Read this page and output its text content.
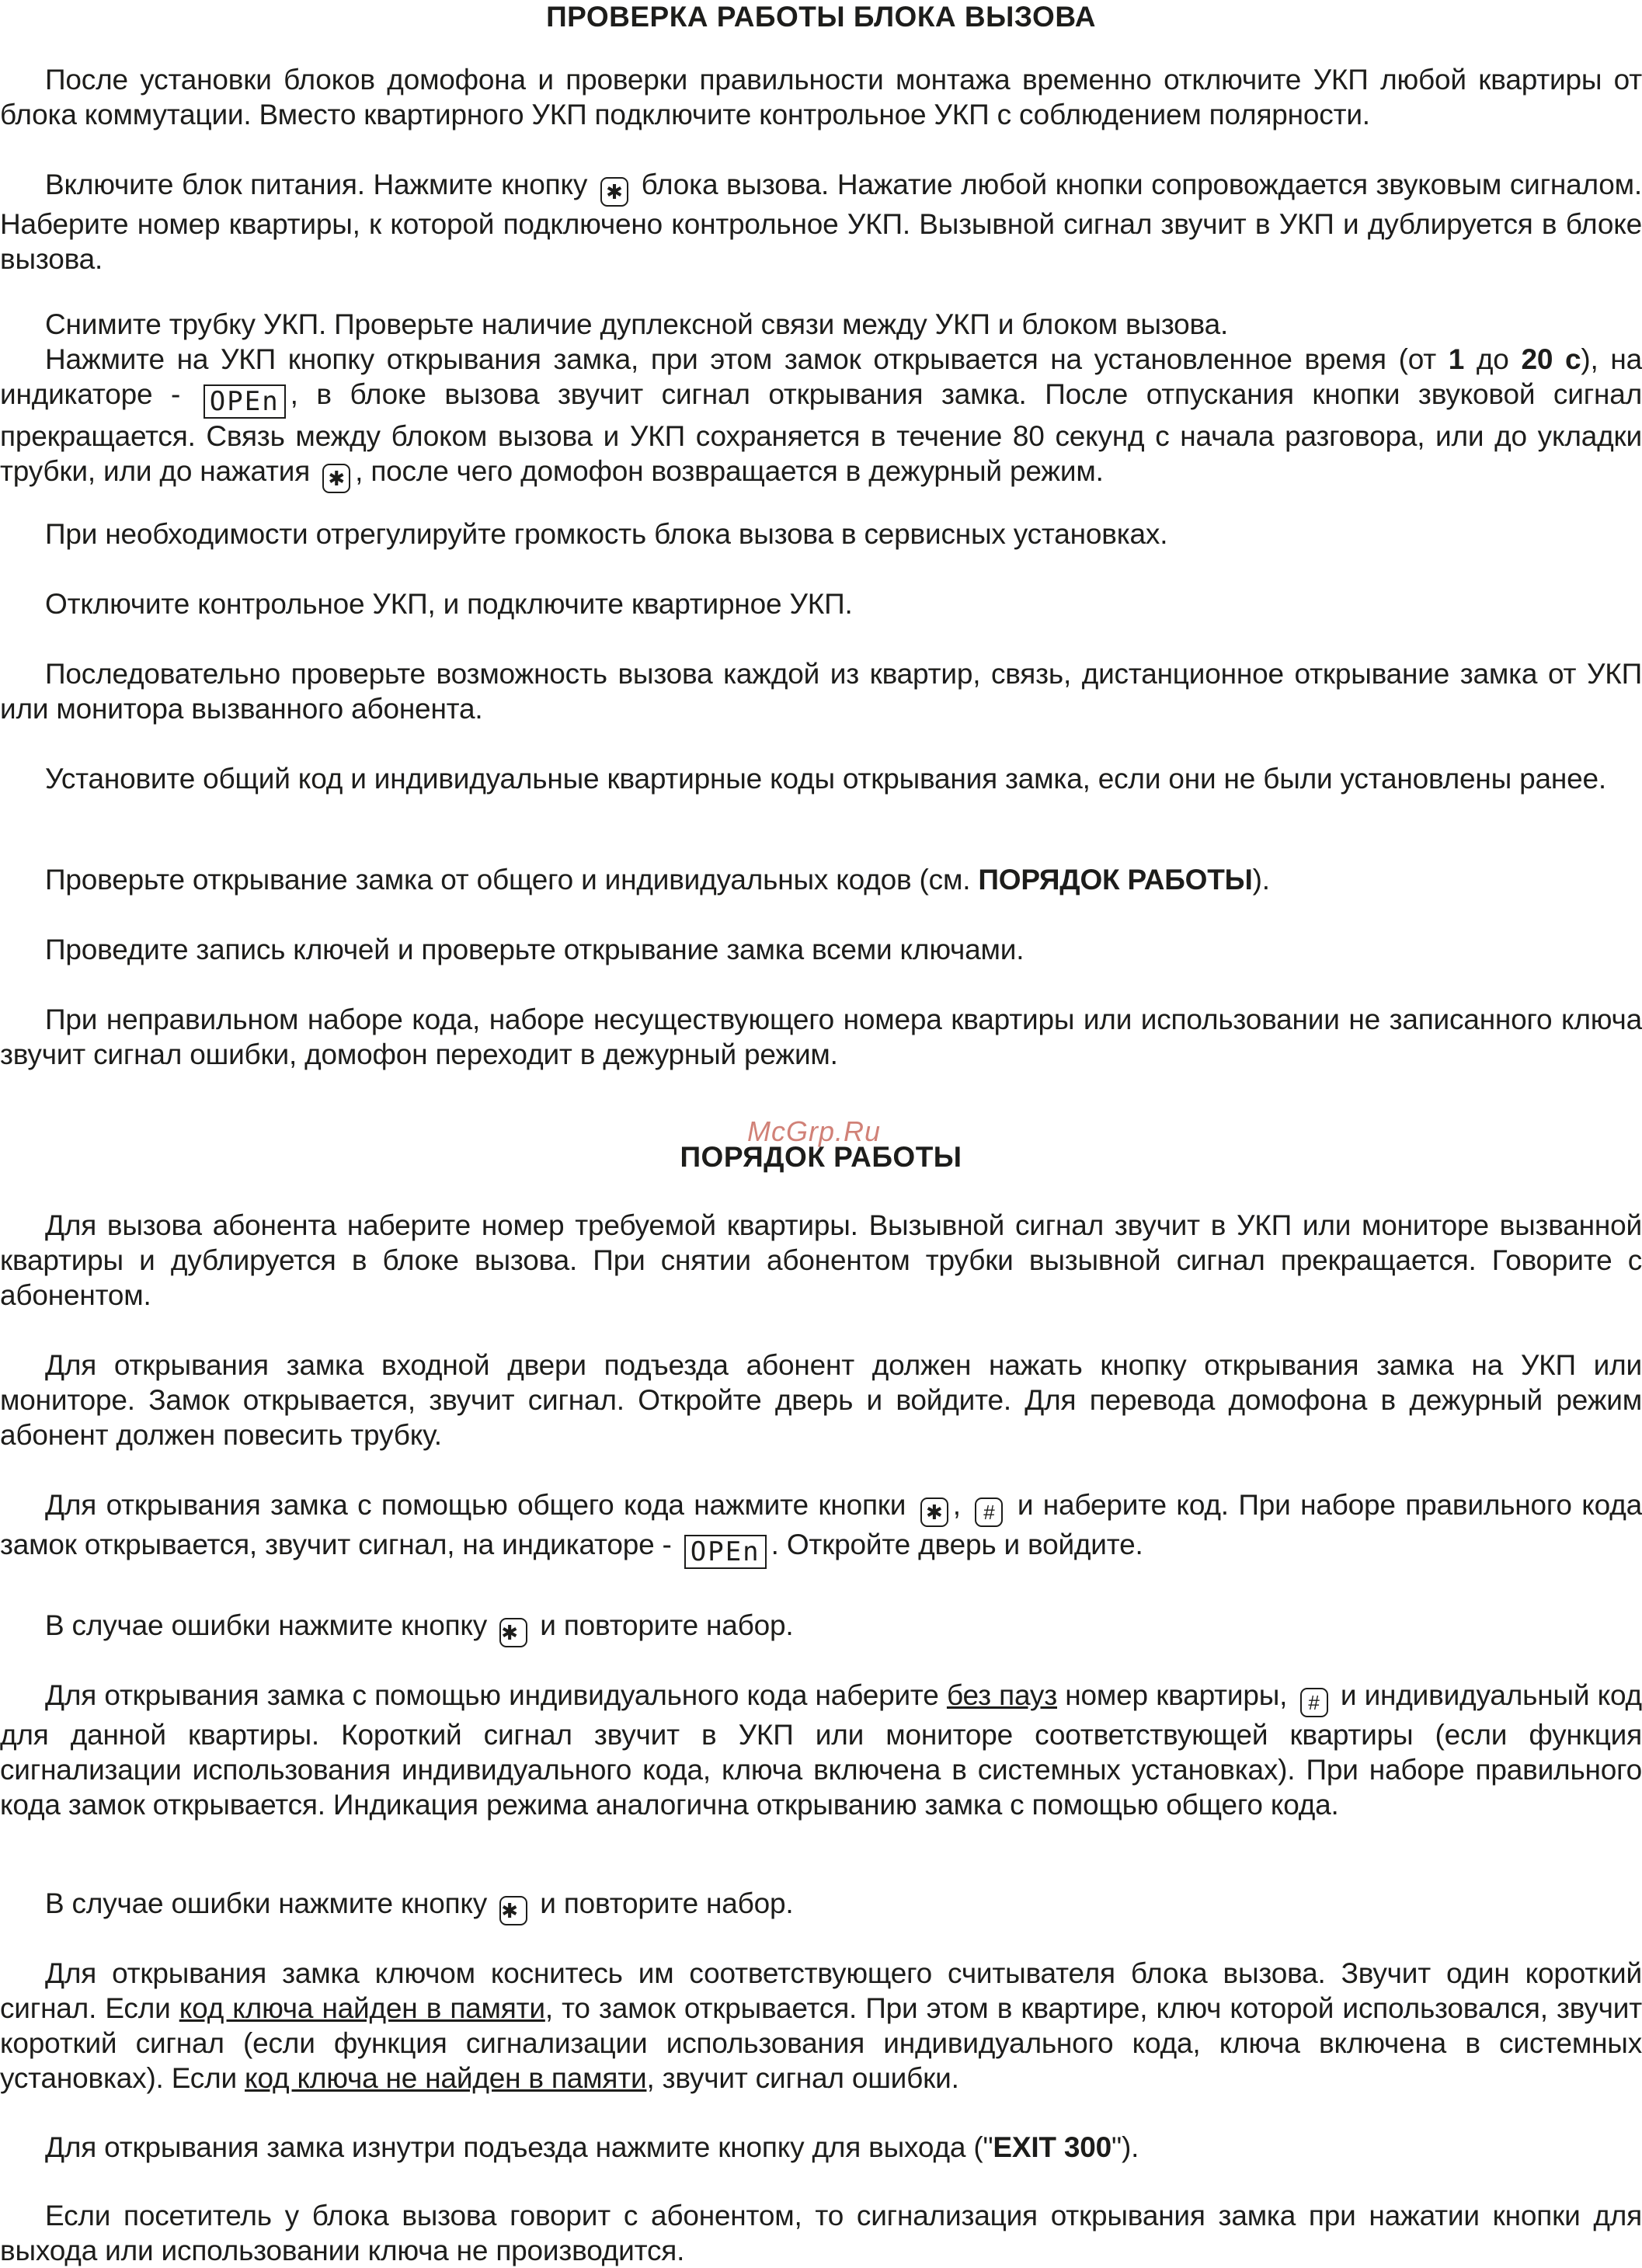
ПРОВЕРКА РАБОТЫ БЛОКА ВЫЗОВА

После установки блоков домофона и проверки правильности монтажа временно отключите УКП любой квартиры от блока коммутации. Вместо квартирного УКП подключите контрольное УКП с соблюдением полярности.

Включите блок питания. Нажмите кнопку ✱ блока вызова. Нажатие любой кнопки сопровождается звуковым сигналом. Наберите номер квартиры, к которой подключено контрольное УКП. Вызывной сигнал звучит в УКП и дублируется в блоке вызова.

Снимите трубку УКП. Проверьте наличие дуплексной связи между УКП и блоком вызова.

Нажмите на УКП кнопку открывания замка, при этом замок открывается на установленное время (от 1 до 20 с), на индикаторе - OPEn , в блоке вызова звучит сигнал открывания замка. После отпускания кнопки звуковой сигнал прекращается. Связь между блоком вызова и УКП сохраняется в течение 80 секунд с начала разговора, или до укладки трубки, или до нажатия ✱ , после чего домофон возвращается в дежурный режим.

При необходимости отрегулируйте громкость блока вызова в сервисных установках.

Отключите контрольное УКП, и подключите квартирное УКП.

Последовательно проверьте возможность вызова каждой из квартир, связь, дистанционное открывание замка от УКП или монитора вызванного абонента.

Установите общий код и индивидуальные квартирные коды открывания замка, если они не были установлены ранее.

Проверьте открывание замка от общего и индивидуальных кодов (см. ПОРЯДОК РАБОТЫ).

Проведите запись ключей и проверьте открывание замка всеми ключами.

При неправильном наборе кода, наборе несуществующего номера квартиры или использовании не записанного ключа звучит сигнал ошибки, домофон переходит в дежурный режим.

McGrp.Ru
ПОРЯДОК РАБОТЫ

Для вызова абонента наберите номер требуемой квартиры. Вызывной сигнал звучит в УКП или мониторе вызванной квартиры и дублируется в блоке вызова. При снятии абонентом трубки вызывной сигнал прекращается. Говорите с абонентом.

Для открывания замка входной двери подъезда абонент должен нажать кнопку открывания замка на УКП или мониторе. Замок открывается, звучит сигнал. Откройте дверь и войдите. Для перевода домофона в дежурный режим абонент должен повесить трубку.

Для открывания замка с помощью общего кода нажмите кнопки ✱ , # и наберите код. При наборе правильного кода замок открывается, звучит сигнал, на индикаторе - OPEn . Откройте дверь и войдите.

В случае ошибки нажмите кнопку ✱ и повторите набор.

Для открывания замка с помощью индивидуального кода наберите без пауз номер квартиры, # и индивидуальный код для данной квартиры. Короткий сигнал звучит в УКП или мониторе соответствующей квартиры (если функция сигнализации использования индивидуального кода, ключа включена в системных установках). При наборе правильного кода замок открывается. Индикация режима аналогична открыванию замка с помощью общего кода.

В случае ошибки нажмите кнопку ✱ и повторите набор.

Для открывания замка ключом коснитесь им соответствующего считывателя блока вызова. Звучит один короткий сигнал. Если код ключа найден в памяти, то замок открывается. При этом в квартире, ключ которой использовался, звучит короткий сигнал (если функция сигнализации использования индивидуального кода, ключа включена в системных установках). Если код ключа не найден в памяти, звучит сигнал ошибки.

Для открывания замка изнутри подъезда нажмите кнопку для выхода ("EXIT 300").

Если посетитель у блока вызова говорит с абонентом, то сигнализация открывания замка при нажатии кнопки для выхода или использовании ключа не производится.
